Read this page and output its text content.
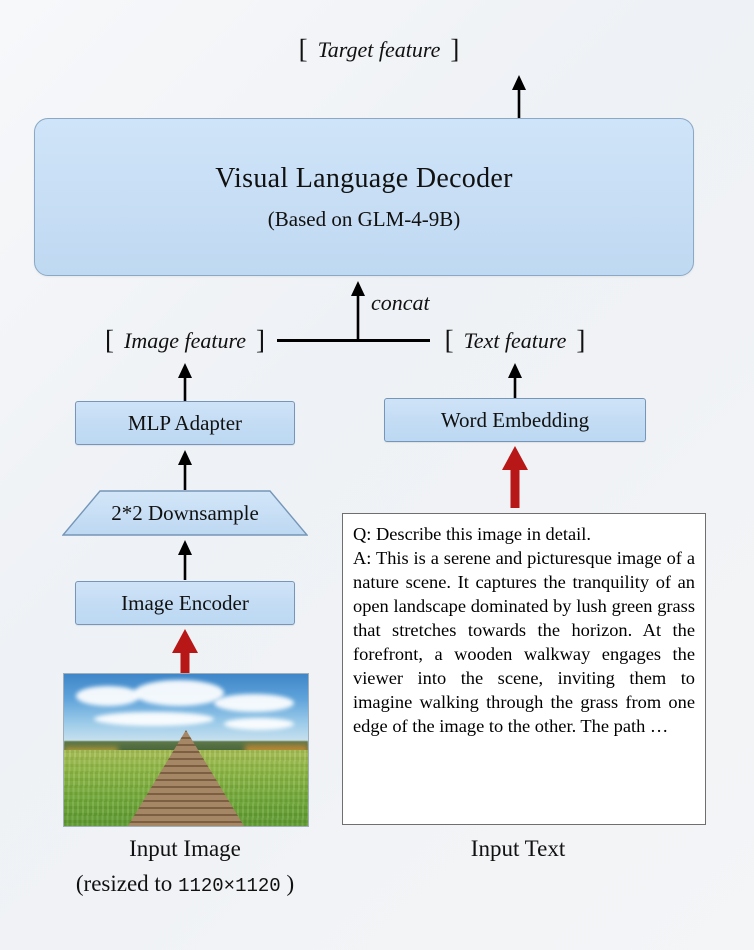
[ Target feature ]
Visual Language Decoder
(Based on GLM-4-9B)
concat
[ Image feature ]	[ Text feature ]
MLP Adapter	Word Embedding
2*2 Downsample
Image Encoder

Q: Describe this image in detail.

A: This is a serene and picturesque image of a nature scene. It captures the tranquility of an open landscape dominated by lush green grass that stretches towards the horizon. At the forefront, a wooden walkway engages the viewer into the scene, inviting them to imagine walking through the grass from one edge of the image to the other. The path …

Input Image
(resized to 1120×1120 )
Input Text
